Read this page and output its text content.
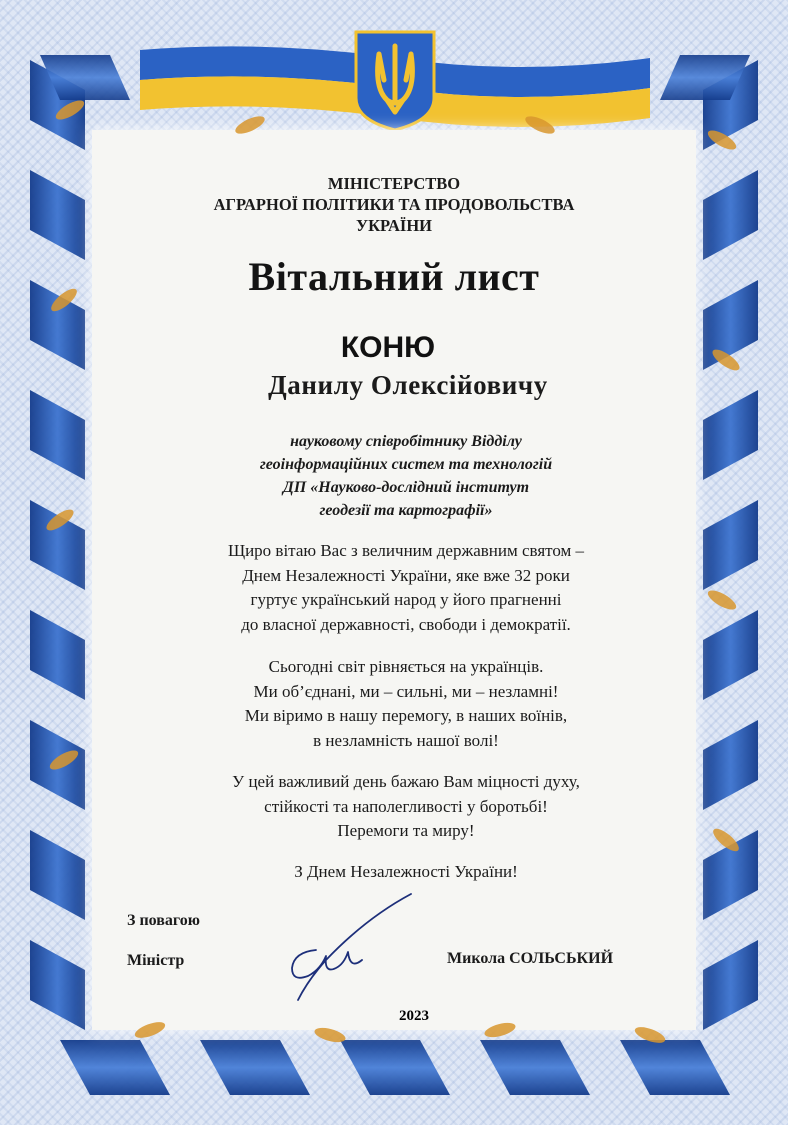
МІНІСТЕРСТВО
АГРАРНОЇ ПОЛІТИКИ ТА ПРОДОВОЛЬСТВА
УКРАЇНИ
Вітальний лист
КОНЮ
Данилу Олексійовичу
науковому співробітнику Відділу
геоінформаційних систем та технологій
ДП «Науково-дослідний інститут
геодезії та картографії»
Щиро вітаю Вас з величним державним святом –
Днем Незалежності України, яке вже 32 роки
гуртує український народ у його прагненні
до власної державності, свободи і демократії.
Сьогодні світ рівняється на українців.
Ми об’єднані, ми – сильні, ми – незламні!
Ми віримо в нашу перемогу, в наших воїнів,
в незламність нашої волі!
У цей важливий день бажаю Вам міцності духу,
стійкості та наполегливості у боротьбі!
Перемоги та миру!
З Днем Незалежності України!
З повагою
Міністр	Микола СОЛЬСЬКИЙ
2023
